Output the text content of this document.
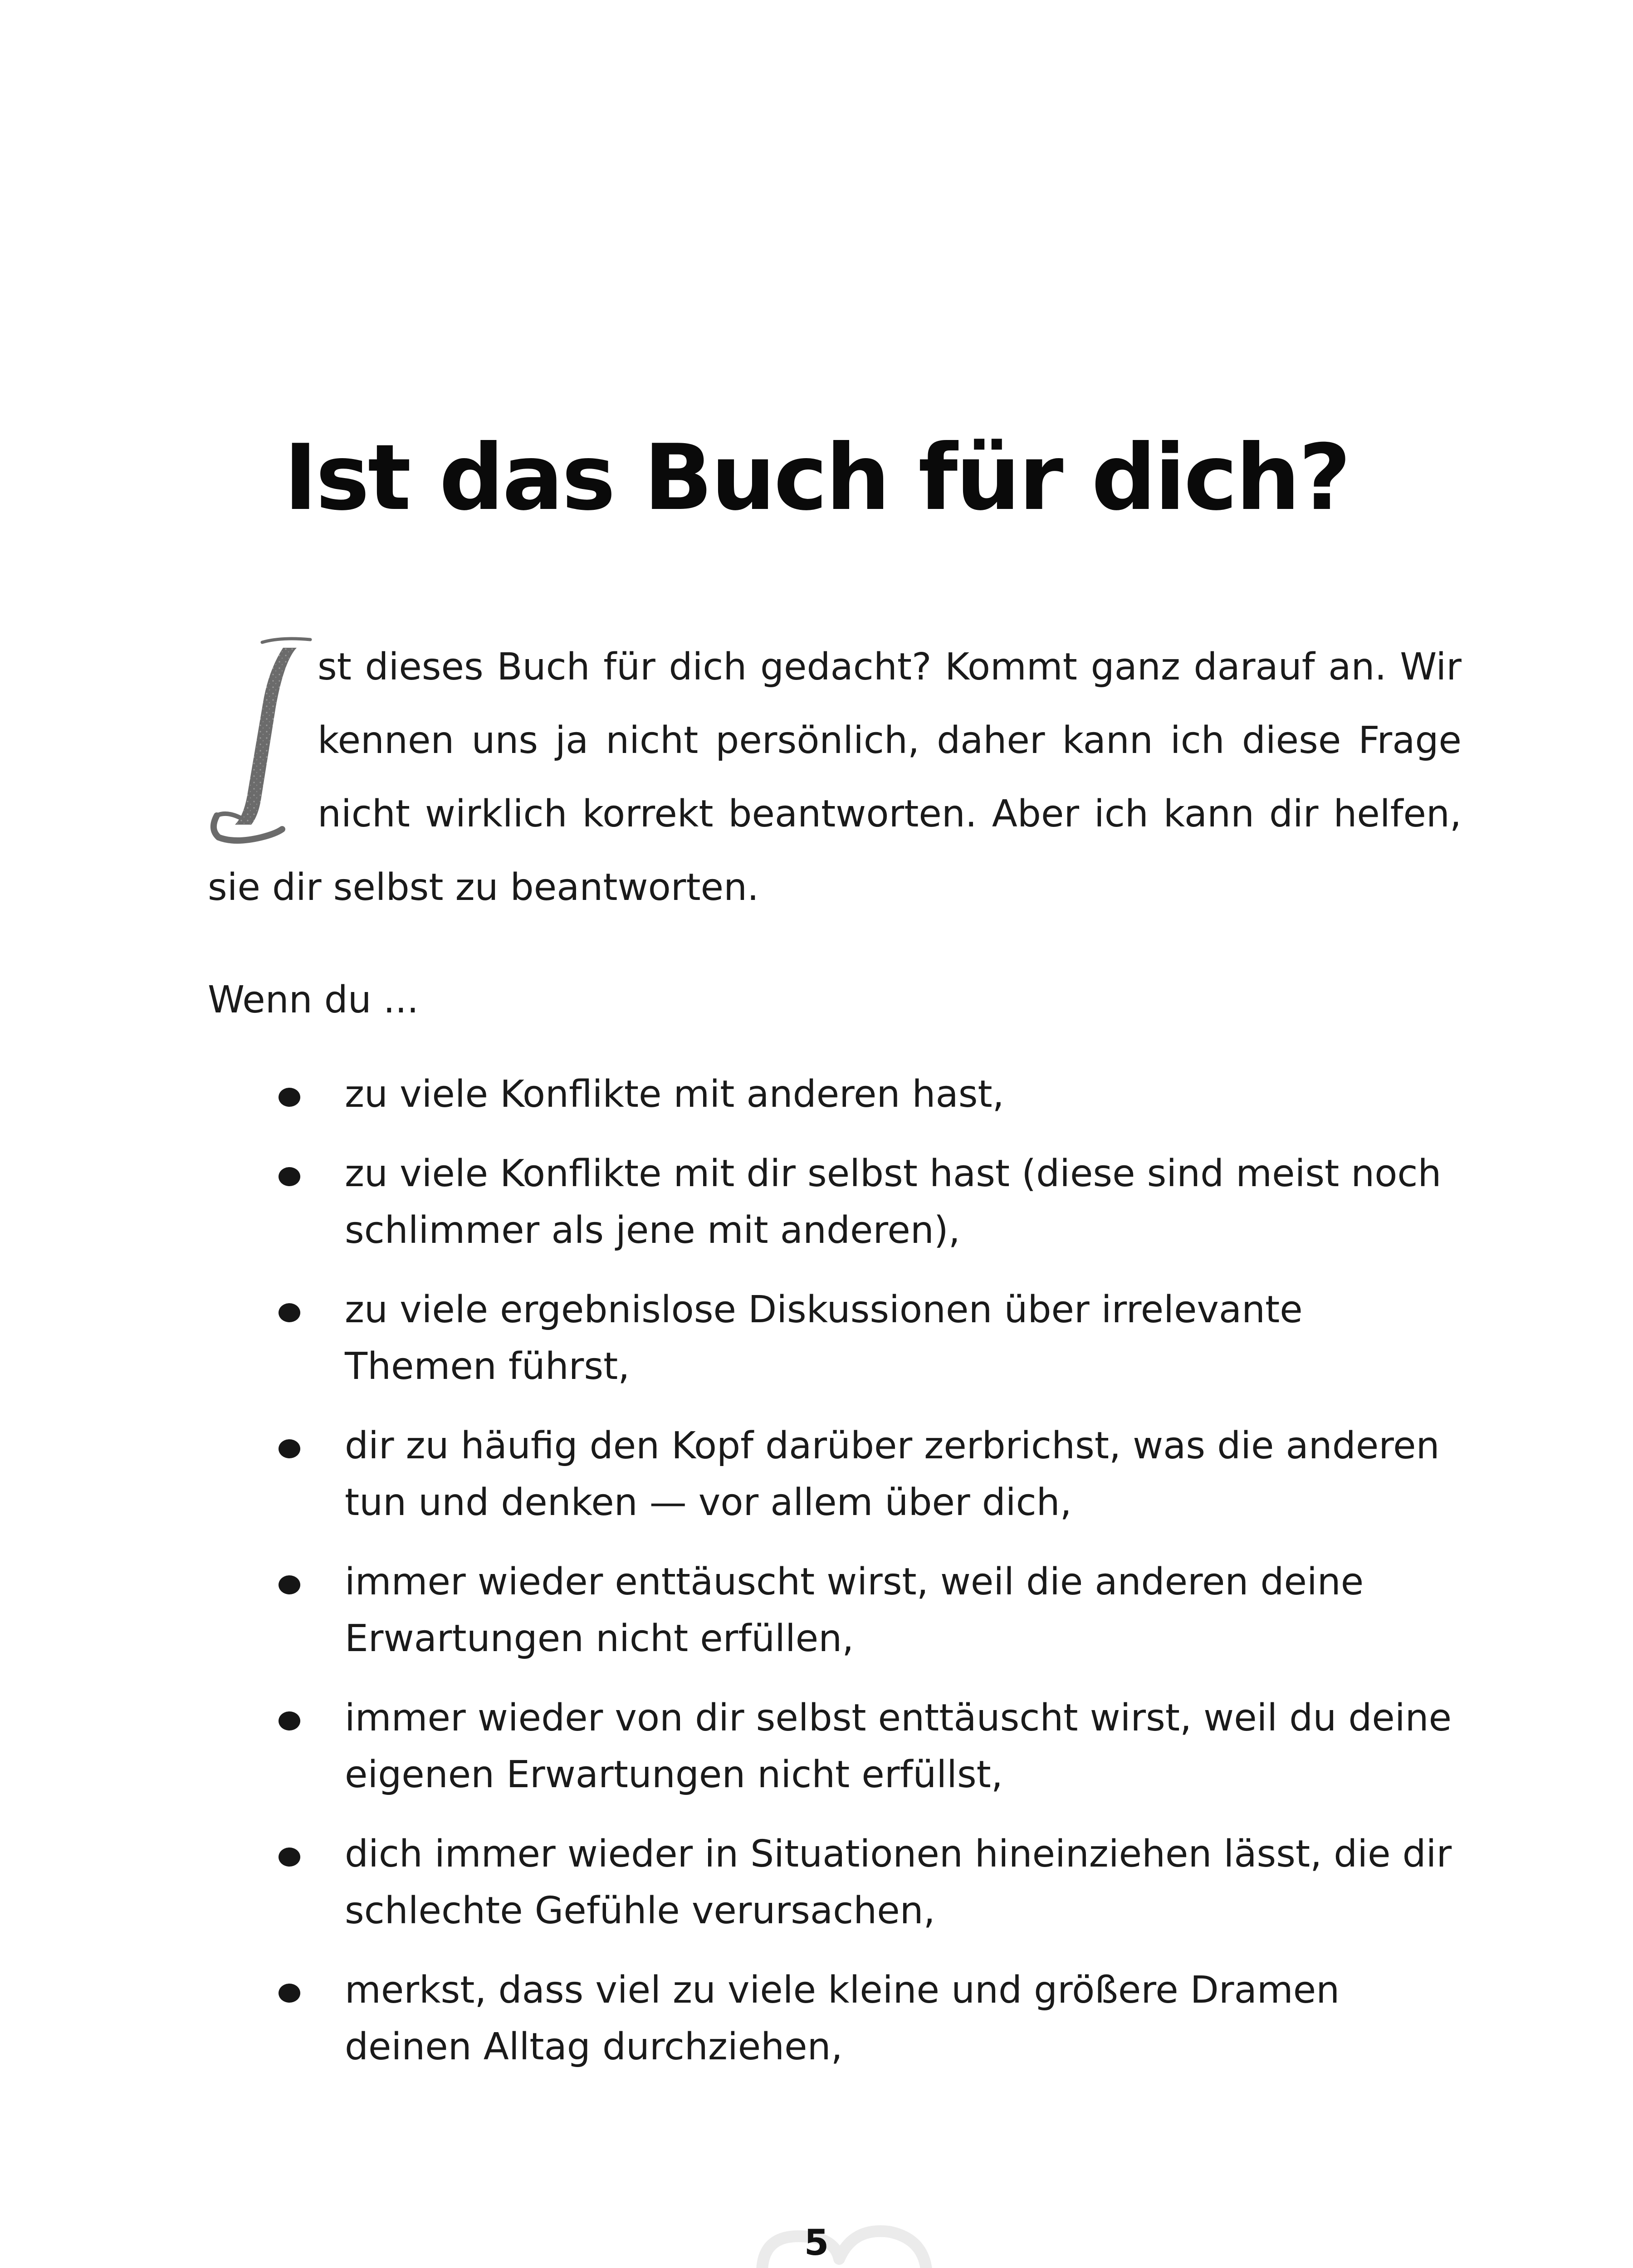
Ist das Buch für dich?
st dieses Buch für dich gedacht? Kommt ganz darauf an. Wir kennen uns ja nicht persönlich, daher kann ich diese Frage nicht wirklich korrekt beantworten. Aber ich kann dir helfen, sie dir selbst zu beantworten.

Wenn du ...

zu viele Konflikte mit anderen hast,
zu viele Konflikte mit dir selbst hast (diese sind meist noch schlimmer als jene mit anderen),
zu viele ergebnislose Diskussionen über irrelevante Themen führst,
dir zu häufig den Kopf darüber zerbrichst, was die anderen tun und denken — vor allem über dich,
immer wieder enttäuscht wirst, weil die anderen deine Erwartungen nicht erfüllen,
immer wieder von dir selbst enttäuscht wirst, weil du deine eigenen Erwartungen nicht erfüllst,
dich immer wieder in Situationen hineinziehen lässt, die dir schlechte Gefühle verursachen,
merkst, dass viel zu viele kleine und größere Dramen deinen Alltag durchziehen,
5
